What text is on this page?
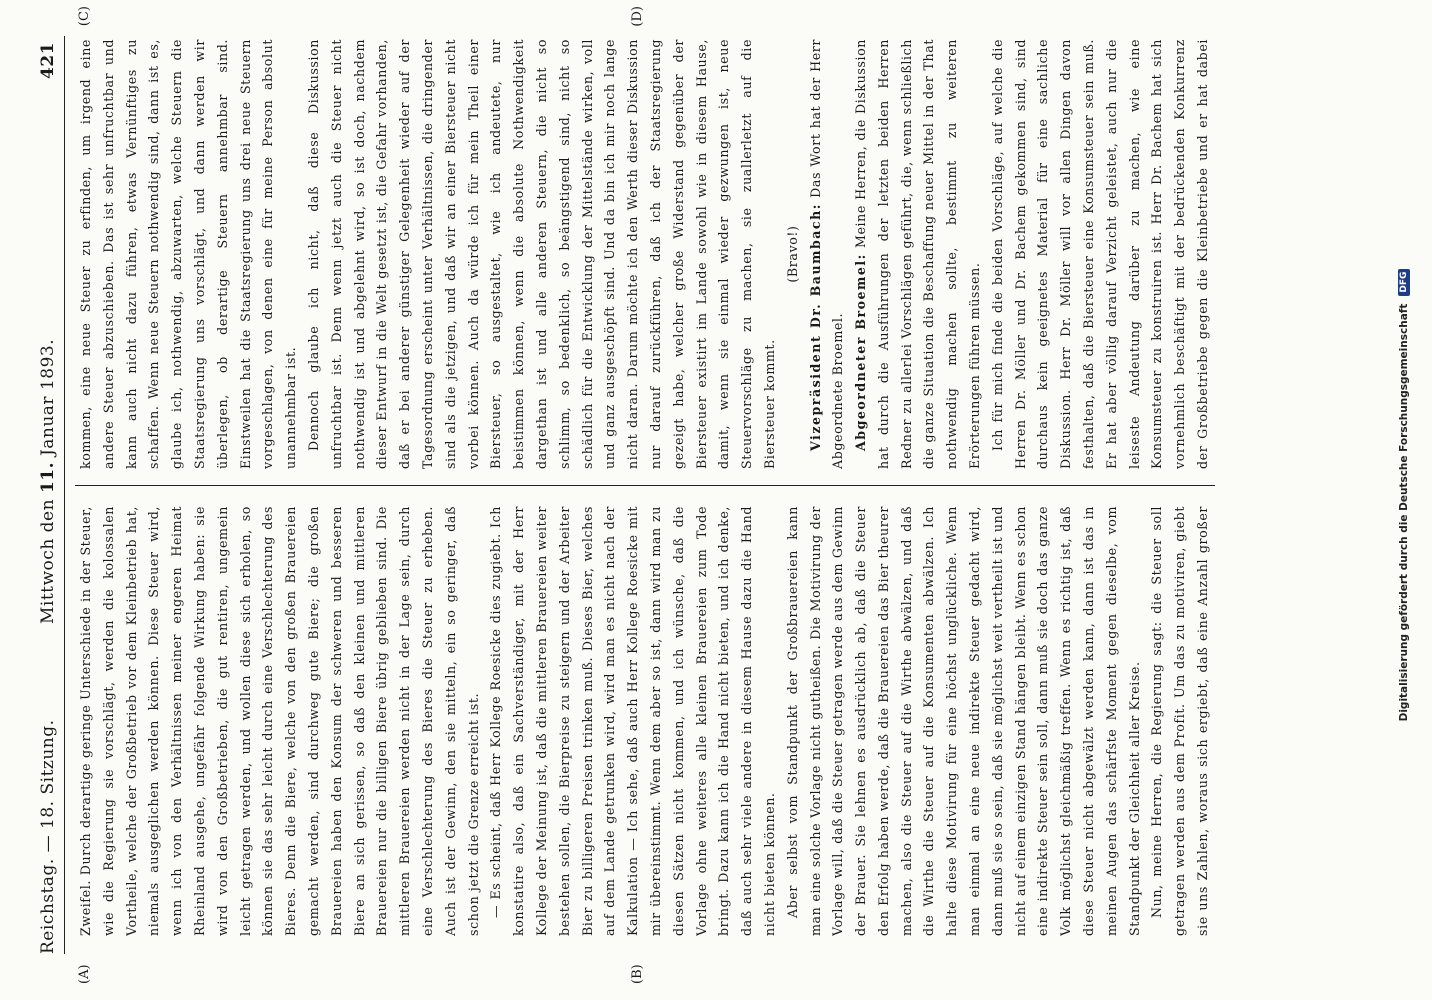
Reichstag. — 18. Sitzung.
Mittwoch den 11. Januar 1893.
421
(A)	(B)
(C)	(D)

Zweifel. Durch derartige geringe Unterschiede in der Steuer, wie die Regierung sie vorschlägt, werden die kolossalen Vortheile, welche der Großbetrieb vor dem Kleinbetrieb hat, niemals ausgeglichen werden können. Diese Steuer wird, wenn ich von den Verhältnissen meiner engeren Heimat Rheinland ausgehe, ungefähr folgende Wirkung haben: sie wird von den Großbetrieben, die gut rentiren, ungemein leicht getragen werden, und wollen diese sich erholen, so können sie das sehr leicht durch eine Verschlechterung des Bieres. Denn die Biere, welche von den großen Brauereien gemacht werden, sind durchweg gute Biere; die großen Brauereien haben den Konsum der schweren und besseren Biere an sich gerissen, so daß den kleinen und mittleren Brauereien nur die billigen Biere übrig geblieben sind. Die mittleren Brauereien werden nicht in der Lage sein, durch eine Verschlechterung des Bieres die Steuer zu erheben. Auch ist der Gewinn, den sie mitteln, ein so geringer, daß schon jetzt die Grenze erreicht ist. — Es scheint, daß Herr Kollege Roesicke dies zugiebt. Ich konstatire also, daß ein Sachverständiger, mit der Herr Kollege der Meinung ist, daß die mittleren Brauereien weiter bestehen sollen, die Bierpreise zu steigern und der Arbeiter Bier zu billigeren Preisen trinken muß. Dieses Bier, welches auf dem Lande getrunken wird, wird man es nicht nach der Kalkulation — Ich sehe, daß auch Herr Kollege Roesicke mit mir übereinstimmt. Wenn dem aber so ist, dann wird man zu diesen Sätzen nicht kommen, und ich wünsche, daß die Vorlage ohne weiteres alle kleinen Brauereien zum Tode bringt. Dazu kann ich die Hand nicht bieten, und ich denke, daß auch sehr viele andere in diesem Hause dazu die Hand nicht bieten können. Aber selbst vom Standpunkt der Großbrauereien kann man eine solche Vorlage nicht gutheißen. Die Motivirung der Vorlage will, daß die Steuer getragen werde aus dem Gewinn der Brauer. Sie lehnen es ausdrücklich ab, daß die Steuer den Erfolg haben werde, daß die Brauereien das Bier theurer machen, also die Steuer auf die Wirthe abwälzen, und daß die Wirthe die Steuer auf die Konsumenten abwälzen. Ich halte diese Motivirung für eine höchst unglückliche. Wenn man einmal an eine neue indirekte Steuer gedacht wird, dann muß sie so sein, daß sie möglichst weit vertheilt ist und nicht auf einem einzigen Stand hängen bleibt. Wenn es schon eine indirekte Steuer sein soll, dann muß sie doch das ganze Volk möglichst gleichmäßig treffen. Wenn es richtig ist, daß diese Steuer nicht abgewälzt werden kann, dann ist das in meinen Augen das schärfste Moment gegen dieselbe, vom Standpunkt der Gleichheit aller Kreise. Nun, meine Herren, die Regierung sagt: die Steuer soll getragen werden aus dem Profit. Um das zu motiviren, giebt sie uns Zahlen, woraus sich ergiebt, daß eine Anzahl großer

kommen, eine neue Steuer zu erfinden, um irgend eine andere Steuer abzuschieben. Das ist sehr unfruchtbar und kann auch nicht dazu führen, etwas Vernünftiges zu schaffen. Wenn neue Steuern nothwendig sind, dann ist es, glaube ich, nothwendig, abzuwarten, welche Steuern die Staatsregierung uns vorschlägt, und dann werden wir überlegen, ob derartige Steuern annehmbar sind. Einstweilen hat die Staatsregierung uns drei neue Steuern vorgeschlagen, von denen eine für meine Person absolut unannehmbar ist. Dennoch glaube ich nicht, daß diese Diskussion unfruchtbar ist. Denn wenn jetzt auch die Steuer nicht nothwendig ist und abgelehnt wird, so ist doch, nachdem dieser Entwurf in die Welt gesetzt ist, die Gefahr vorhanden, daß er bei anderer günstiger Gelegenheit wieder auf der Tagesordnung erscheint unter Verhältnissen, die dringender sind als die jetzigen, und daß wir an einer Biersteuer nicht vorbei können. Auch da würde ich für mein Theil einer Biersteuer, so ausgestaltet, wie ich andeutete, nur beistimmen können, wenn die absolute Nothwendigkeit dargethan ist und alle anderen Steuern, die nicht so schlimm, so bedenklich, so beängstigend sind, nicht so schädlich für die Entwicklung der Mittelstände wirken, voll und ganz ausgeschöpft sind. Und da bin ich mir noch lange nicht daran. Darum möchte ich den Werth dieser Diskussion nur darauf zurückführen, daß ich der Staatsregierung gezeigt habe, welcher große Widerstand gegenüber der Biersteuer existirt im Lande sowohl wie in diesem Hause, damit, wenn sie einmal wieder gezwungen ist, neue Steuervorschläge zu machen, sie zuallerletzt auf die Biersteuer kommt.

(Bravo!) Vizepräsident Dr. Baumbach: Das Wort hat der Herr Abgeordnete Broemel. Abgeordneter Broemel: Meine Herren, die Diskussion hat durch die Ausführungen der letzten beiden Herren Redner zu allerlei Vorschlägen geführt, die, wenn schließlich die ganze Situation die Beschaffung neuer Mittel in der That nothwendig machen sollte, bestimmt zu weiteren Erörterungen führen müssen. Ich für mich finde die beiden Vorschläge, auf welche die Herren Dr. Möller und Dr. Bachem gekommen sind, sind durchaus kein geeignetes Material für eine sachliche Diskussion. Herr Dr. Möller will vor allen Dingen davon festhalten, daß die Biersteuer eine Konsumsteuer sein muß. Er hat aber völlig darauf Verzicht geleistet, auch nur die leiseste Andeutung darüber zu machen, wie eine Konsumsteuer zu konstruiren ist. Herr Dr. Bachem hat sich vornehmlich beschäftigt mit der bedrückenden Konkurrenz der Großbetriebe gegen die Kleinbetriebe und er hat dabei

Digitalisierung gefördert durch die Deutsche Forschungsgemeinschaft
DFG
